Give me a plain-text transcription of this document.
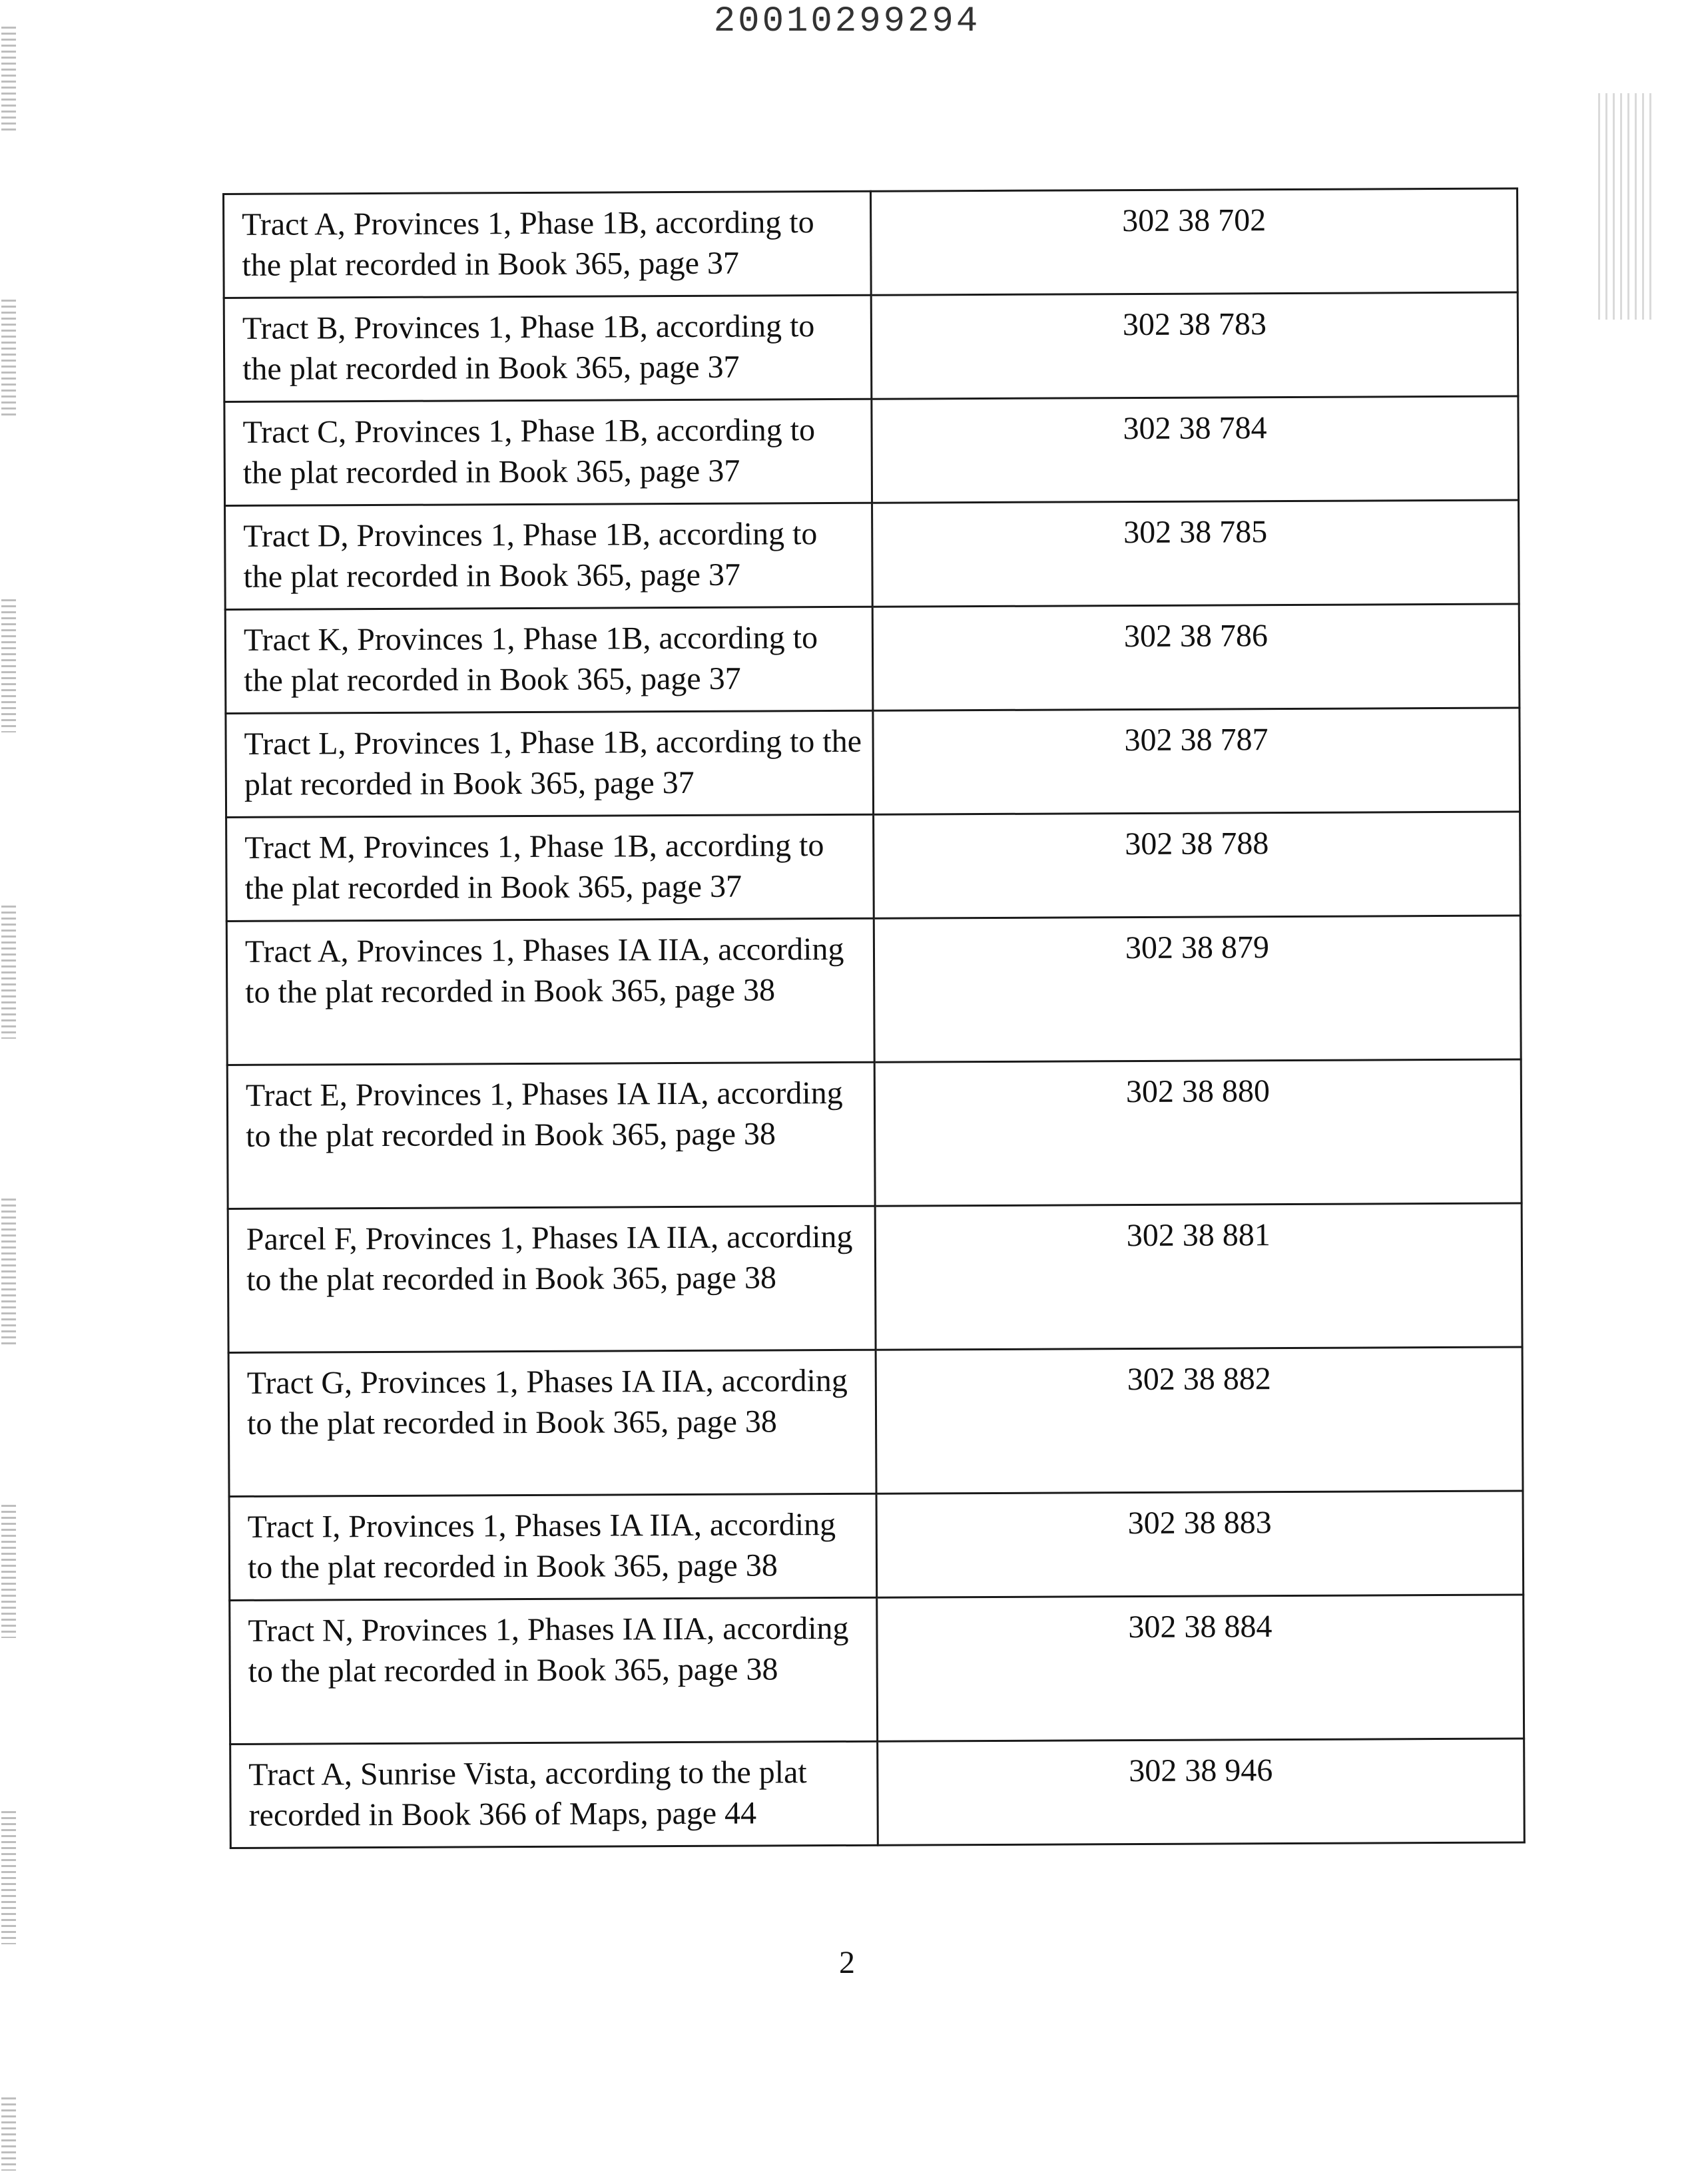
20010299294
Tract A, Provinces 1, Phase 1B, according to the plat recorded in Book 365, page 37	302 38 702
Tract B, Provinces 1, Phase 1B, according to the plat recorded in Book 365, page 37	302 38 783
Tract C, Provinces 1, Phase 1B, according to the plat recorded in Book 365, page 37	302 38 784
Tract D, Provinces 1, Phase 1B, according to the plat recorded in Book 365, page 37	302 38 785
Tract K, Provinces 1, Phase 1B, according to the plat recorded in Book 365, page 37	302 38 786
Tract L, Provinces 1, Phase 1B, according to the plat recorded in Book 365, page 37	302 38 787
Tract M, Provinces 1, Phase 1B, according to the plat recorded in Book 365, page 37	302 38 788
Tract A, Provinces 1, Phases IA IIA, according to the plat recorded in Book 365, page 38	302 38 879
Tract E, Provinces 1, Phases IA IIA, according to the plat recorded in Book 365, page 38	302 38 880
Parcel F, Provinces 1, Phases IA IIA, according to the plat recorded in Book 365, page 38	302 38 881
Tract G, Provinces 1, Phases IA IIA, according to the plat recorded in Book 365, page 38	302 38 882
Tract I, Provinces 1, Phases IA IIA, according to the plat recorded in Book 365, page 38	302 38 883
Tract N, Provinces 1, Phases IA IIA, according to the plat recorded in Book 365, page 38	302 38 884
Tract A, Sunrise Vista, according to the plat recorded in Book 366 of Maps, page 44	302 38 946
2
